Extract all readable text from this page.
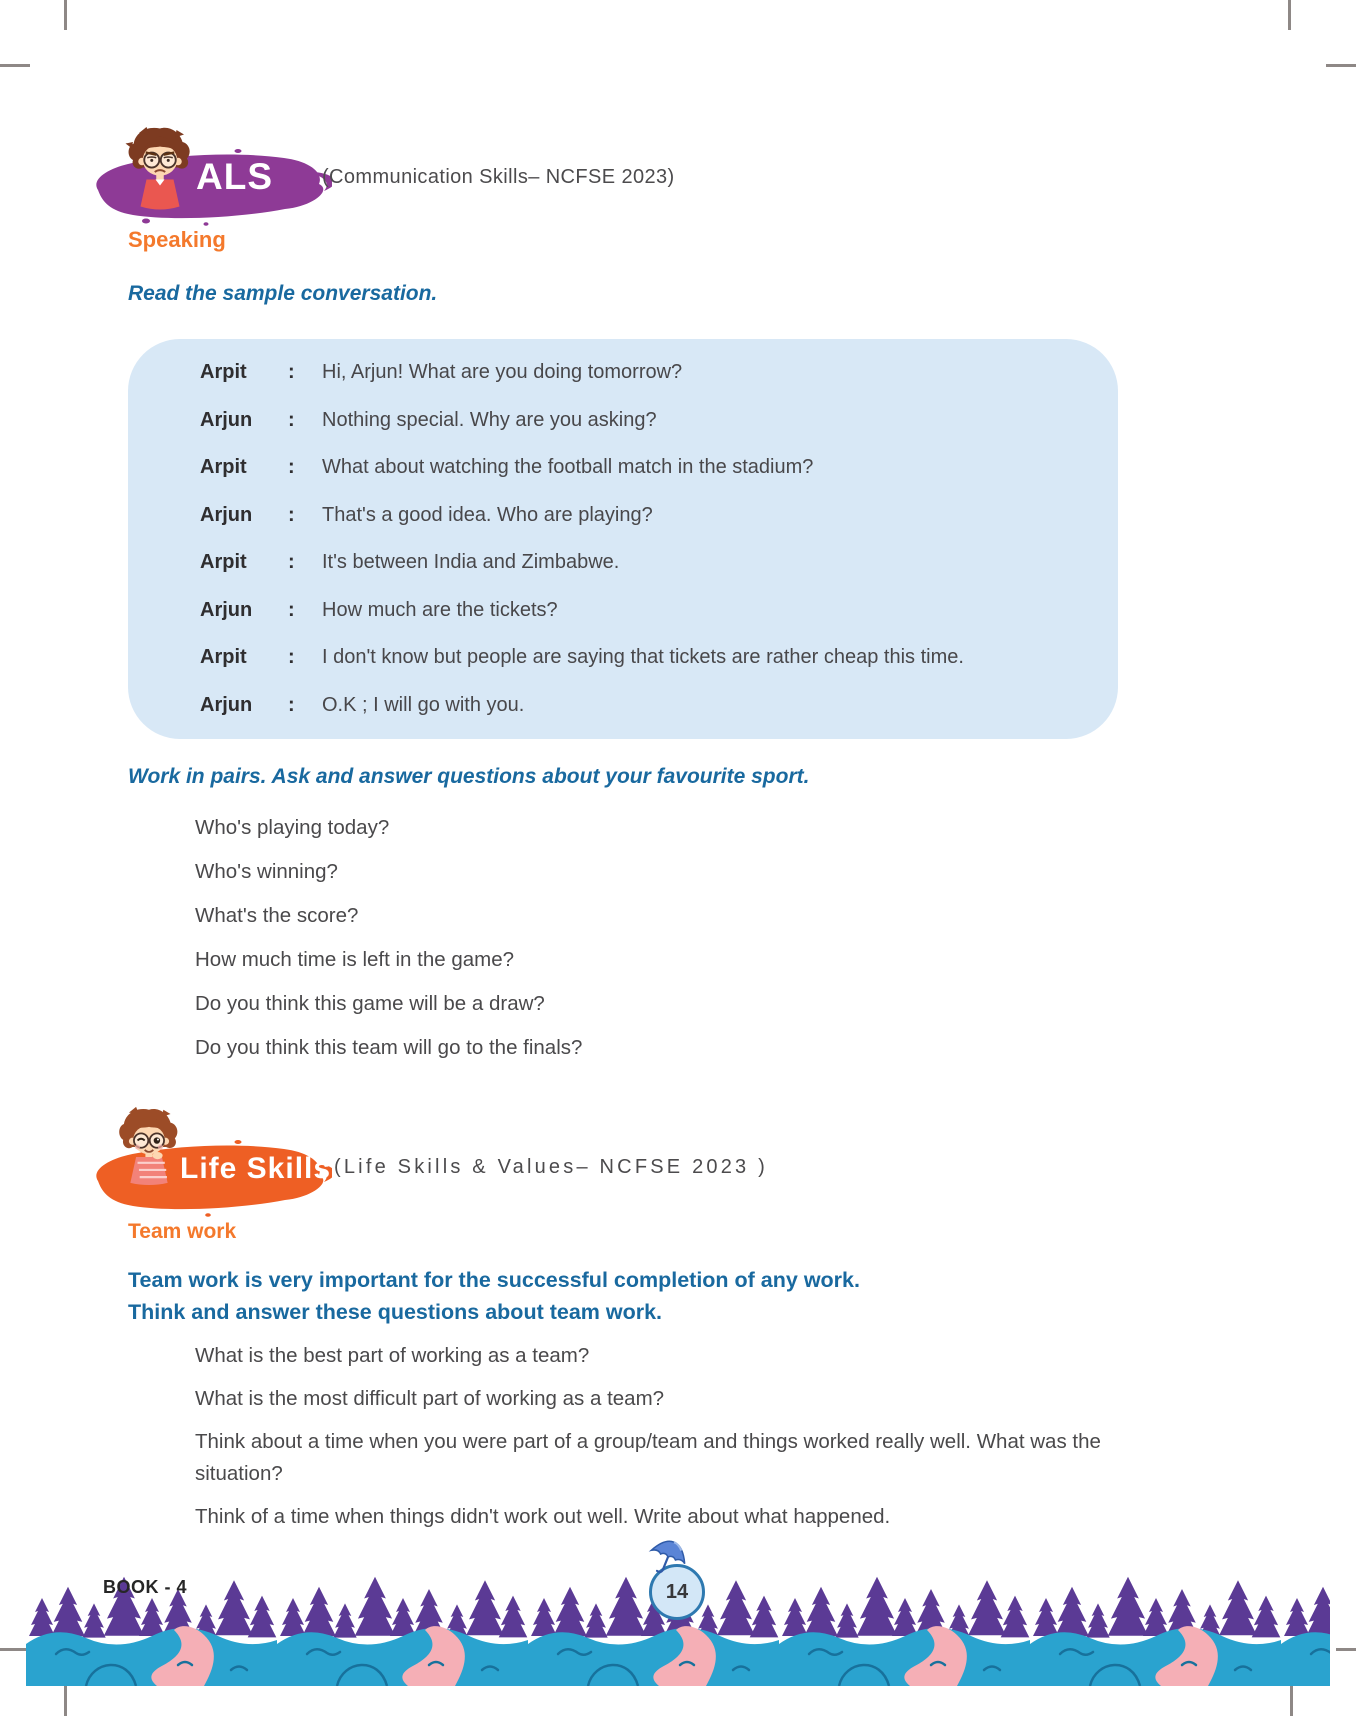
ALS (Communication Skills– NCFSE 2023)
Speaking
Read the sample conversation.
Arpit	:	Hi, Arjun! What are you doing tomorrow?
Arjun	:	Nothing special. Why are you asking?
Arpit	:	What about watching the football match in the stadium?
Arjun	:	That's a good idea. Who are playing?
Arpit	:	It's between India and Zimbabwe.
Arjun	:	How much are the tickets?
Arpit	:	I don't know but people are saying that tickets are rather cheap this time.
Arjun	:	O.K ; I will go with you.
Work in pairs. Ask and answer questions about your favourite sport.
Who's playing today?
Who's winning?
What's the score?
How much time is left in the game?
Do you think this game will be a draw?
Do you think this team will go to the finals?
Life Skills (Life Skills & Values– NCFSE 2023 )
Team work
Team work is very important for the successful completion of any work.
Think and answer these questions about team work.
What is the best part of working as a team?
What is the most difficult part of working as a team?
Think about a time when you were part of a group/team and things worked really well. What was the situation?
Think of a time when things didn't work out well. Write about what happened.
BOOK - 4	14
